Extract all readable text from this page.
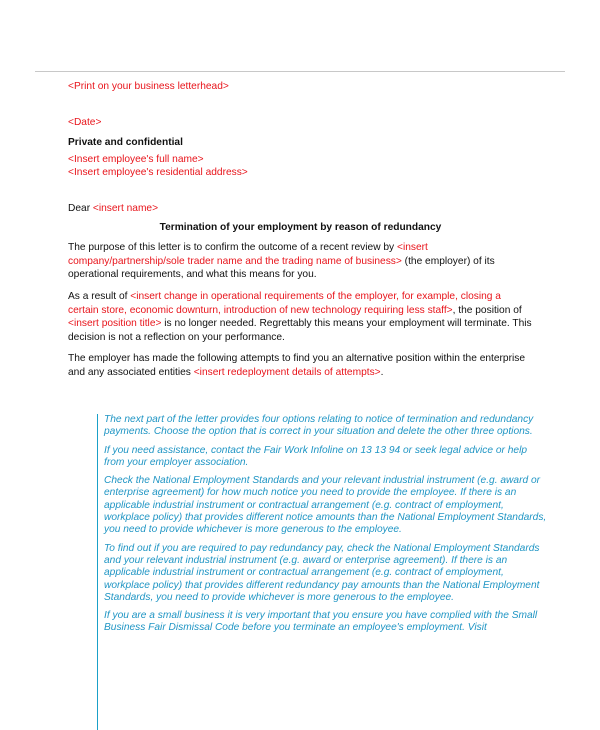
<Print on your business letterhead>

<Date>

Private and confidential

<Insert employee's full name>

<Insert employee's residential address>

Dear <insert name>

Termination of your employment by reason of redundancy

The purpose of this letter is to confirm the outcome of a recent review by <insert company/partnership/sole trader name and the trading name of business> (the employer) of its operational requirements, and what this means for you.

As a result of <insert change in operational requirements of the employer, for example, closing a certain store, economic downturn, introduction of new technology requiring less staff>, the position of <insert position title> is no longer needed. Regrettably this means your employment will terminate. This decision is not a reflection on your performance.

The employer has made the following attempts to find you an alternative position within the enterprise and any associated entities <insert redeployment details of attempts>.

The next part of the letter provides four options relating to notice of termination and redundancy payments. Choose the option that is correct in your situation and delete the other three options.

If you need assistance, contact the Fair Work Infoline on 13 13 94 or seek legal advice or help from your employer association.

Check the National Employment Standards and your relevant industrial instrument (e.g. award or enterprise agreement) for how much notice you need to provide the employee. If there is an applicable industrial instrument or contractual arrangement (e.g. contract of employment, workplace policy) that provides different notice amounts than the National Employment Standards, you need to provide whichever is more generous to the employee.

To find out if you are required to pay redundancy pay, check the National Employment Standards and your relevant industrial instrument (e.g. award or enterprise agreement). If there is an applicable industrial instrument or contractual arrangement (e.g. contract of employment, workplace policy) that provides different redundancy pay amounts than the National Employment Standards, you need to provide whichever is more generous to the employee.

If you are a small business it is very important that you ensure you have complied with the Small Business Fair Dismissal Code before you terminate an employee's employment. Visit
